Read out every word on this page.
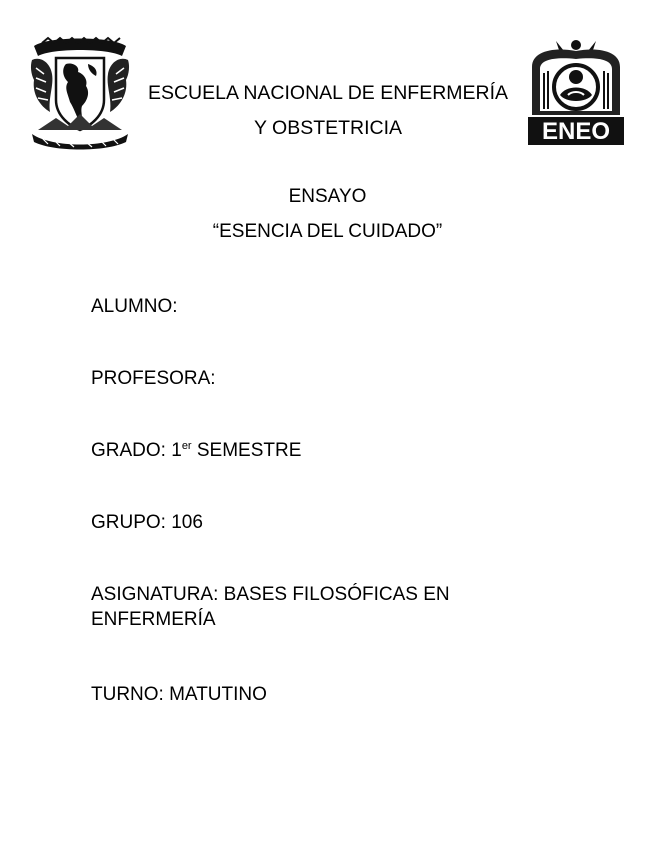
ESCUELA NACIONAL DE ENFERMERÍA
Y OBSTETRICIA	ENEO
ENSAYO
“ESENCIA DEL CUIDADO”
ALUMNO:
PROFESORA:
GRADO: 1er SEMESTRE
GRUPO: 106
ASIGNATURA: BASES FILOSÓFICAS EN
ENFERMERÍA
TURNO: MATUTINO
